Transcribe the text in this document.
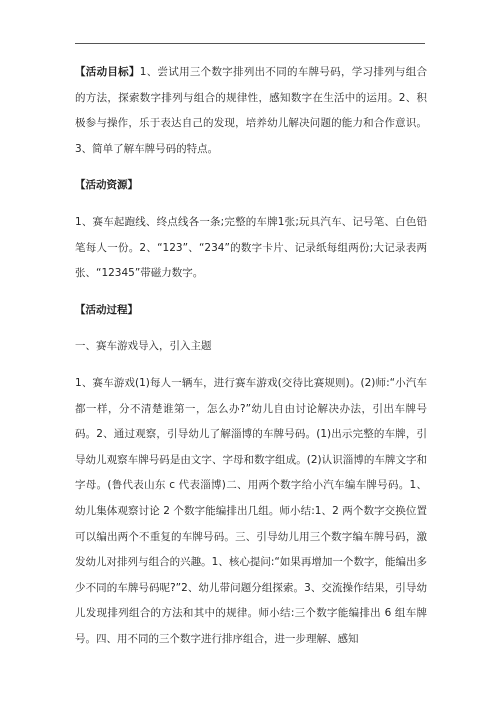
【活动目标】1、尝试用三个数字排列出不同的车牌号码，学习排列与组合的方法，探索数字排列与组合的规律性，感知数字在生活中的运用。2、积极参与操作，乐于表达自己的发现，培养幼儿解决问题的能力和合作意识。3、简单了解车牌号码的特点。

【活动资源】

1、赛车起跑线、终点线各一条;完整的车牌1张;玩具汽车、记号笔、白色铅笔每人一份。2、“123”、“234”的数字卡片、记录纸每组两份;大记录表两张、“12345”带磁力数字。

【活动过程】

一、赛车游戏导入，引入主题

1、赛车游戏(1)每人一辆车，进行赛车游戏(交待比赛规则)。(2)师:“小汽车都一样，分不清楚谁第一，怎么办?”幼儿自由讨论解决办法，引出车牌号码。2、通过观察，引导幼儿了解淄博的车牌号码。(1)出示完整的车牌，引导幼儿观察车牌号码是由文字、字母和数字组成。(2)认识淄博的车牌文字和字母。(鲁代表山东 c 代表淄博)二、用两个数字给小汽车编车牌号码。1、幼儿集体观察讨论 2 个数字能编排出几组。师小结:1、2 两个数字交换位置可以编出两个不重复的车牌号码。三、引导幼儿用三个数字编车牌号码，激发幼儿对排列与组合的兴趣。1、核心提问:“如果再增加一个数字，能编出多少不同的车牌号码呢?”2、幼儿带问题分组探索。3、交流操作结果，引导幼儿发现排列组合的方法和其中的规律。师小结:三个数字能编排出 6 组车牌号。四、用不同的三个数字进行排序组合，进一步理解、感知
